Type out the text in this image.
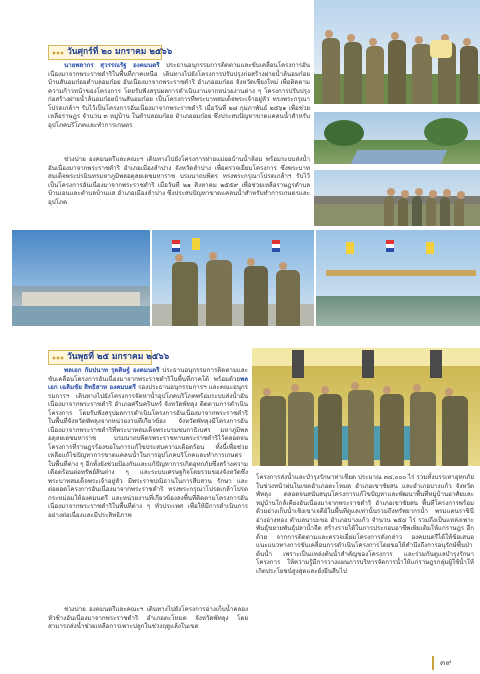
วันศุกร์ที่ ๒๐ มกราคม ๒๕๖๖

นายพลากร สุวรรณรัฐ องคมนตรี ประธานอนุกรรมการติดตามและขับเคลื่อนโครงการอันเนื่องมาจากพระราชดำริในพื้นที่ภาคเหนือ เดินทางไปยังโครงการปรับปรุงก่อสร้างฝายน้ำล้นอมก๋อยบ้านสันอมก๋อยตำบลอมก๋อย อันเนื่องมาจากพระราชดำริ อำเภออมก๋อย จังหวัดเชียงใหม่ เพื่อติดตามความก้าวหน้าของโครงการ โดยรับฟังสรุปผลการดำเนินงานจากหน่วยงานต่าง ๆ โครงการปรับปรุงก่อสร้างฝายน้ำล้นอมก๋อยบ้านสันอมก๋อย เป็นโครงการที่พระบาทสมเด็จพระเจ้าอยู่หัว ทรงพระกรุณาโปรดเกล้าฯ รับไว้เป็นโครงการอันเนื่องมาจากพระราชดำริ เมื่อวันที่ ๒๘ กุมภาพันธ์ ๒๕๖๑ เพื่อช่วยเหลือราษฎร จำนวน ๓ หมู่บ้าน ในตำบลอมก๋อย อำเภออมก๋อย ซึ่งประสบปัญหาขาดแคลนน้ำสำหรับอุปโภคบริโภคและทำการเกษตร

ช่วงบ่าย องคมนตรีและคณะฯ เดินทางไปยังโครงการฝายแม่ออบ้านน้ำล้อม พร้อมระบบส่งน้ำ อันเนื่องมาจากพระราชดำริ อำเภอเมืองลำปาง จังหวัดลำปาง เพื่อตรวจเยี่ยมโครงการ ซึ่งพระบาทสมเด็จพระปรมินทรมหาภูมิพลอดุลยเดชมหาราช บรมนาถบพิตร ทรงพระกรุณาโปรดเกล้าฯ รับไว้เป็นโครงการอันเนื่องมาจากพระราชดำริ เมื่อวันที่ ๒๑ สิงหาคม ๒๕๕๙ เพื่อช่วยเหลือราษฎรตำบลบ้านเอนและตำบลบ้านแส อำเภอเมืองลำปาง ซึ่งประสบปัญหาขาดแคลนน้ำสำหรับทำการเกษตรและอุปโภค

วันพุธที่ ๒๕ มกราคม ๒๕๖๖

พลเอก กัมปนาท รุดดิษฐ์ องคมนตรี ประธานอนุกรรมการติดตามและขับเคลื่อนโครงการอันเนื่องมาจากพระราชดำริในพื้นที่ภาคใต้ พร้อมด้วยพลเอก เฉลิมชัย สิทธิสาท องคมนตรี รองประธานอนุกรรมการฯ และคณะอนุกรรมการฯ เดินทางไปยังโครงการจัดหาน้ำอุปโภคบริโภคพร้อมระบบส่งน้ำอันเนื่องมาจากพระราชดำริ อำเภอศรีนครินทร์ จังหวัดพัทลุง ติดตามการดำเนินโครงการ โดยรับฟังสรุปผลการดำเนินโครงการอันเนื่องมาจากพระราชดำริในพื้นที่จังหวัดพัทลุงจากหน่วยงานที่เกี่ยวข้อง จังหวัดพัทลุงมีโครงการอันเนื่องมาจากพระราชดำริที่พระบาทสมเด็จพระบรมชนกาธิเบศร มหาภูมิพลอดุลยเดชมหาราช บรมนาถบพิตรพระราชทานพระราชดำริไว้ตลอดจนโครงการที่ราษฎรร้องขอในการแก้ไขประสบความเดือดร้อน ทั้งนี้เพื่อช่วยเหลือแก้ไขปัญหาการขาดแคลนน้ำในการอุปโภคบริโภคและทำการเกษตรในพื้นที่ต่าง ๆ อีกทั้งยังช่วยป้องกันและแก้ปัญหาการเกิดอุทกภัยซึ่งสร้างความเดือดร้อนต่อทรัพย์สินต่าง ๆ และระบบเศรษฐกิจโดยรวมของจังหวัดซึ่งพระบาทสมเด็จพระเจ้าอยู่หัว มีพระราชปณิธานในการสืบสาน รักษา และต่อยอดโครงการอันเนื่องมาจากพระราชดำริ ทรงพระกรุณาโปรดเกล้าโปรดกระหม่อมให้องคมนตรี และหน่วยงานที่เกี่ยวข้องลงพื้นที่ติดตามโครงการอันเนื่องมาจากพระราชดำริในพื้นที่ต่าง ๆ ทั่วประเทศ เพื่อให้มีการดำเนินการอย่างต่อเนื่องและมีประสิทธิภาพ

ช่วงบ่าย องคมนตรีและคณะฯ เดินทางไปยังโครงการอ่างเก็บน้ำคลองหัวช้างอันเนื่องมาจากพระราชดำริ อำเภอตะโหมด จังหวัดพัทลุง โดยสามารถส่งน้ำช่วยเหลือการเพาะปลูกในช่วงฤดูแล้งในเขต

โครงการส่งน้ำและบำรุงรักษาท่าเชียด ประมาณ ๓๔,๐๐๐ ไร่ รวมทั้งบรรเทาอุทกภัยในช่วงหน้าฝนในเขตอำเภอตะโหมด อำเภอเขาชัยสน และอำเภอบางแก้ว จังหวัดพัทลุง ตลอดจนสนับสนุนโครงการแก้ไขปัญหาและพัฒนาพื้นที่หมู่บ้านอาศัยและหมู่บ้านใกล้เคียงอันเนื่องมาจากพระราชดำริ อำเภอเขาชัยสน พื้นที่โครงการพร้อมด้วยอ่างเก็บน้ำเชิงเขาเจดีย์ในพื้นที่ดูแลเท่านั้นรวมถึงทรัพยากรน้ำ พรมแดนราชินีอ่างอ่างทอง ตำบลนาปะขอ อำเภอบางแก้ว จำนวน ๒๕๔ ไร่ รวมถึงเป็นแหล่งเพาะพันธุ์ขยายพันธุ์ปลาน้ำจืด สร้างรายได้ในการประกอบอาชีพเพิ่มเติมให้แก่ราษฎร อีกด้วย จากการติดตามและตรวจเยี่ยมโครงการดังกล่าว องคมนตรีได้ให้ข้อเสนอแนะแนวทางการขับเคลื่อนการดำเนินโครงการโดยขอให้คำนึงถึงการอนุรักษ์พื้นป่าต้นน้ำ เพราะเป็นแหล่งต้นน้ำสำคัญของโครงการ และร่วมกันดูแลบำรุงรักษาโครงการ ให้ความรู้มีการวางแผนการบริหารจัดการน้ำให้แก่ราษฎรกลุ่มผู้ใช้น้ำให้เกิดประโยชน์สูงสุดและยั่งยืนสืบไป

๓๙
